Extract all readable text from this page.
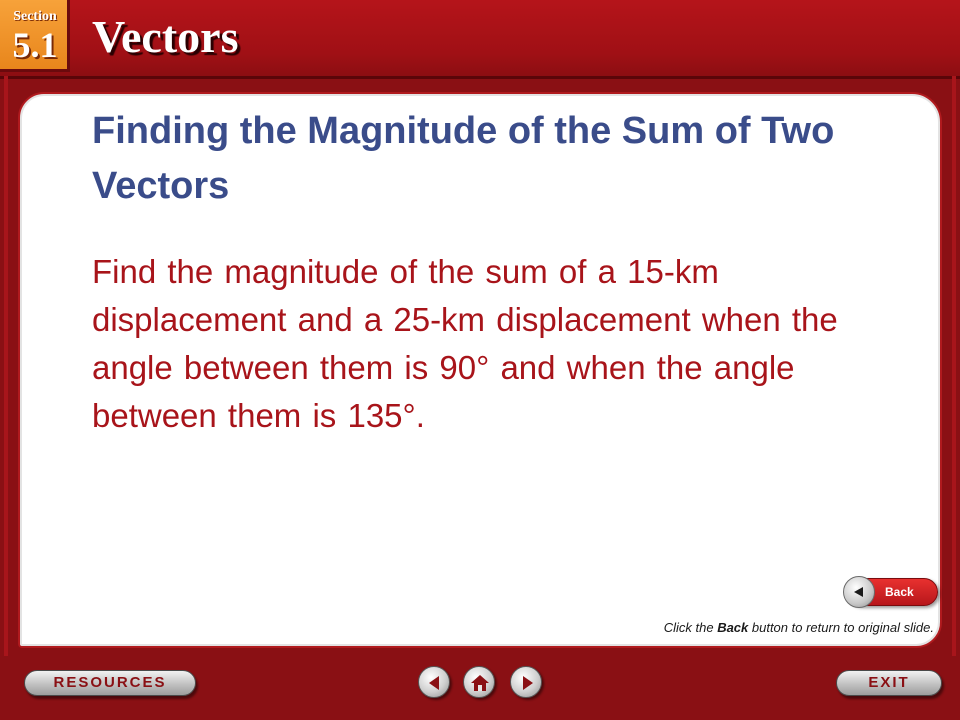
Section
5.1 Vectors
Finding the Magnitude of the Sum of Two Vectors

Find the magnitude of the sum of a 15-km displacement and a 25-km displacement when the angle between them is 90° and when the angle between them is 135°.

Back
Click the Back button to return to original slide.
RESOURCES	EXIT
